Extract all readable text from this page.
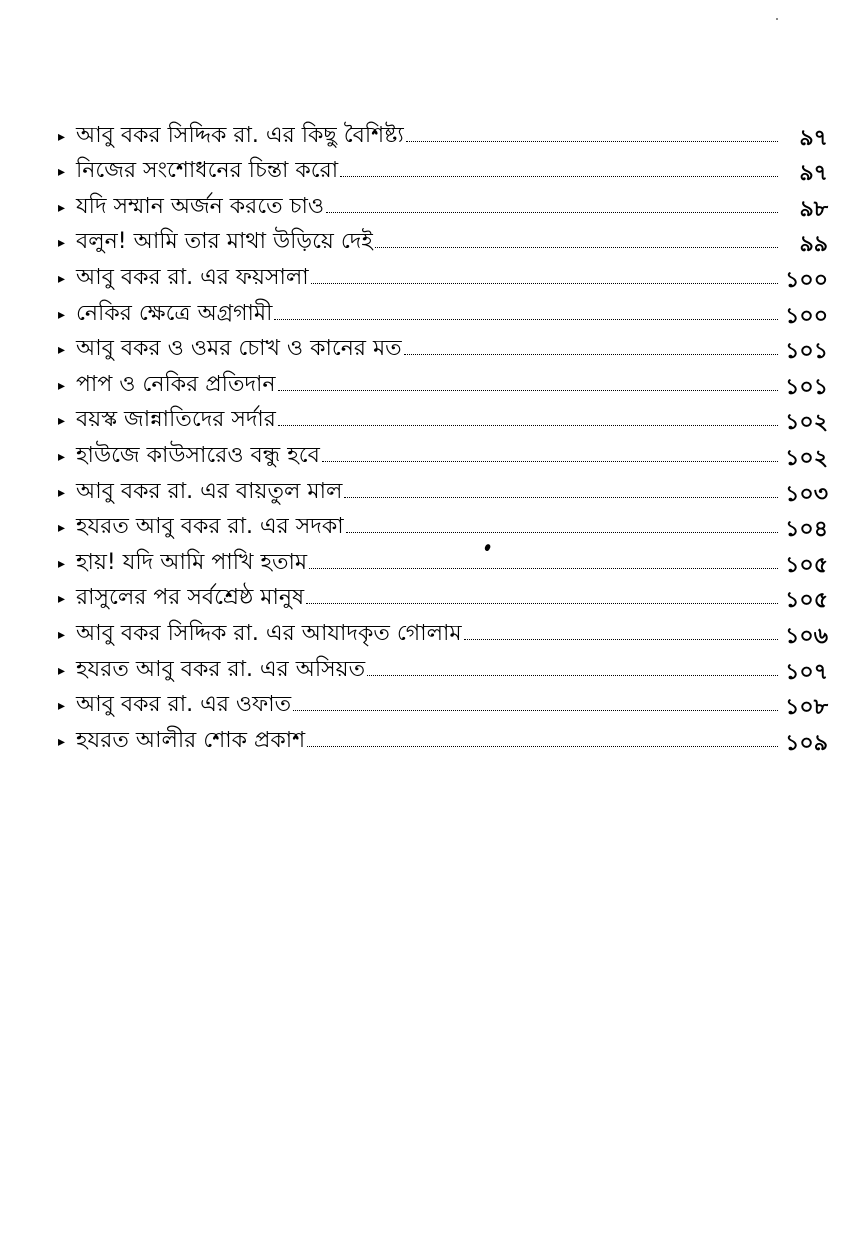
▸ আবু বকর সিদ্দিক রা. এর কিছু বৈশিষ্ট্য	৯৭
▸ নিজের সংশোধনের চিন্তা করো	৯৭
▸ যদি সম্মান অর্জন করতে চাও	৯৮
▸ বলুন! আমি তার মাথা উড়িয়ে দেই	৯৯
▸ আবু বকর রা. এর ফয়সালা	১০০
▸ নেকির ক্ষেত্রে অগ্রগামী	১০০
▸ আবু বকর ও ওমর চোখ ও কানের মত	১০১
▸ পাপ ও নেকির প্রতিদান	১০১
▸ বয়স্ক জান্নাতিদের সর্দার	১০২
▸ হাউজে কাউসারেও বন্ধু হবে	১০২
▸ আবু বকর রা. এর বায়তুল মাল	১০৩
▸ হযরত আবু বকর রা. এর সদকা	১০৪
▸ হায়! যদি আমি পাখি হতাম	১০৫
▸ রাসুলের পর সর্বশ্রেষ্ঠ মানুষ	১০৫
▸ আবু বকর সিদ্দিক রা. এর আযাদকৃত গোলাম	১০৬
▸ হযরত আবু বকর রা. এর অসিয়ত	১০৭
▸ আবু বকর রা. এর ওফাত	১০৮
▸ হযরত আলীর শোক প্রকাশ	১০৯
